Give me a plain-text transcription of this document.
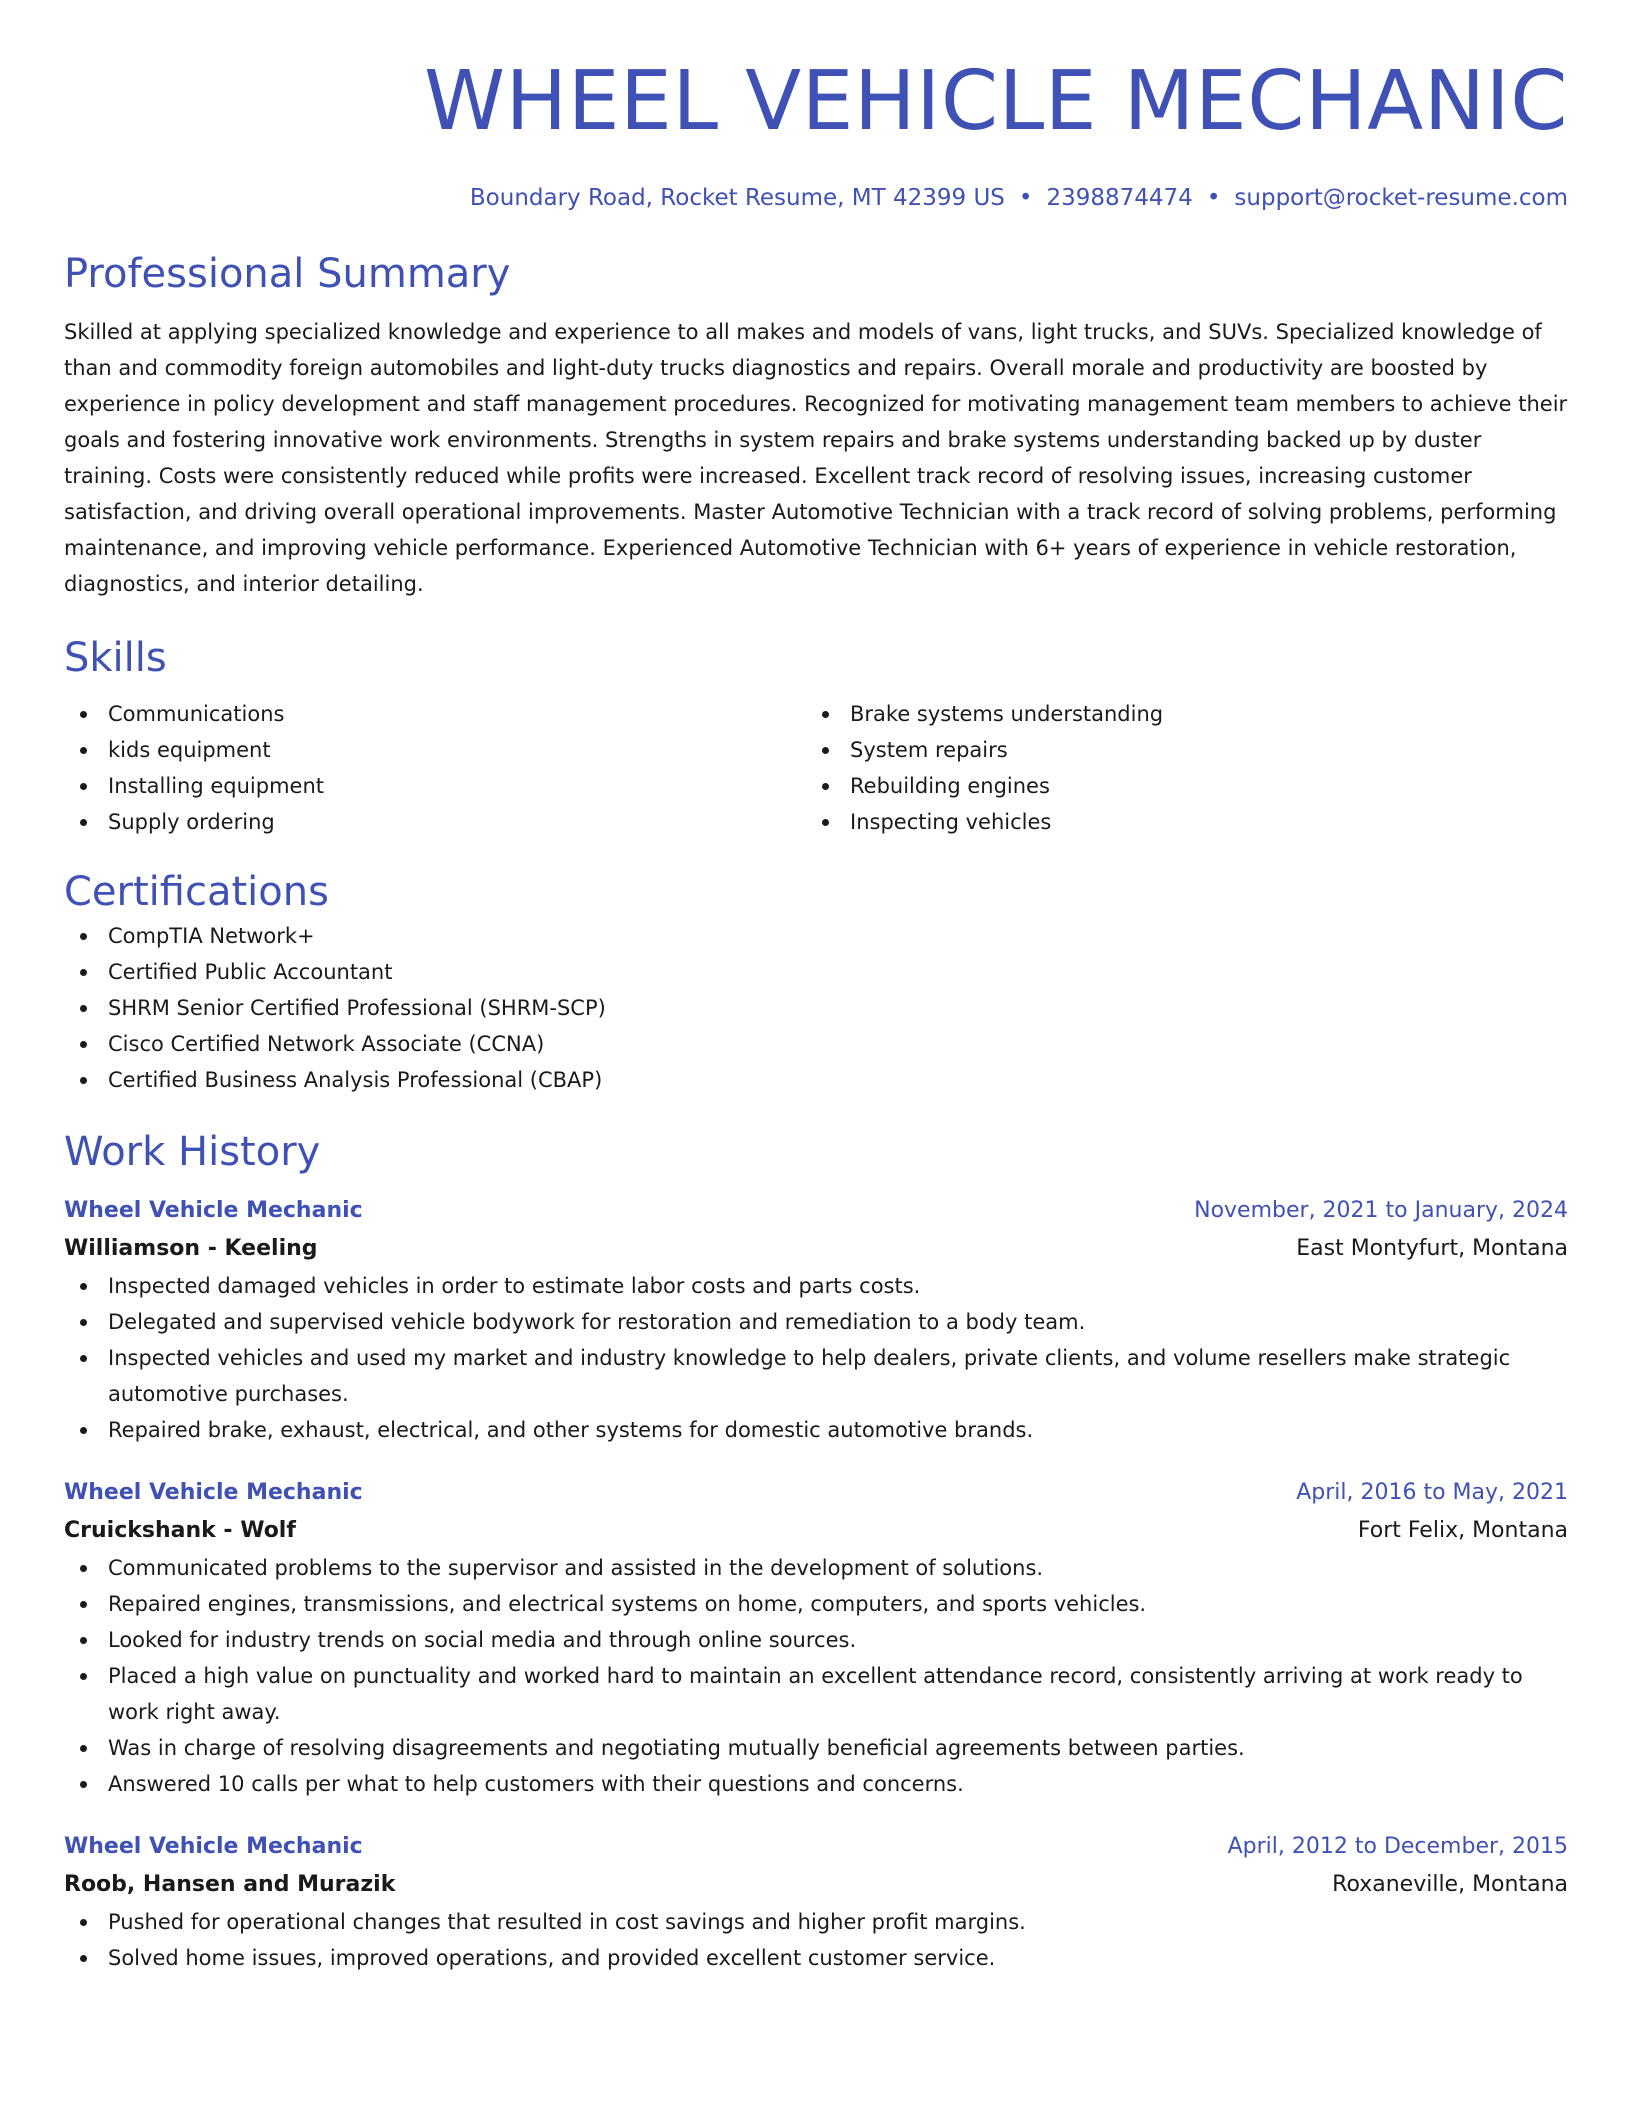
WHEEL VEHICLE MECHANIC
Boundary Road, Rocket Resume, MT 42399 US • 2398874474 • support@rocket-resume.com
Professional Summary
Skilled at applying specialized knowledge and experience to all makes and models of vans, light trucks, and SUVs. Specialized knowledge of than and commodity foreign automobiles and light-duty trucks diagnostics and repairs. Overall morale and productivity are boosted by experience in policy development and staff management procedures. Recognized for motivating management team members to achieve their goals and fostering innovative work environments. Strengths in system repairs and brake systems understanding backed up by duster training. Costs were consistently reduced while profits were increased. Excellent track record of resolving issues, increasing customer satisfaction, and driving overall operational improvements. Master Automotive Technician with a track record of solving problems, performing maintenance, and improving vehicle performance. Experienced Automotive Technician with 6+ years of experience in vehicle restoration, diagnostics, and interior detailing.
Skills
Communications
kids equipment
Installing equipment
Supply ordering
Brake systems understanding
System repairs
Rebuilding engines
Inspecting vehicles
Certifications
CompTIA Network+
Certified Public Accountant
SHRM Senior Certified Professional (SHRM-SCP)
Cisco Certified Network Associate (CCNA)
Certified Business Analysis Professional (CBAP)
Work History
Wheel Vehicle Mechanic	November, 2021 to January, 2024
Williamson - Keeling	East Montyfurt, Montana
Inspected damaged vehicles in order to estimate labor costs and parts costs.
Delegated and supervised vehicle bodywork for restoration and remediation to a body team.
Inspected vehicles and used my market and industry knowledge to help dealers, private clients, and volume resellers make strategic automotive purchases.
Repaired brake, exhaust, electrical, and other systems for domestic automotive brands.
Wheel Vehicle Mechanic	April, 2016 to May, 2021
Cruickshank - Wolf	Fort Felix, Montana
Communicated problems to the supervisor and assisted in the development of solutions.
Repaired engines, transmissions, and electrical systems on home, computers, and sports vehicles.
Looked for industry trends on social media and through online sources.
Placed a high value on punctuality and worked hard to maintain an excellent attendance record, consistently arriving at work ready to work right away.
Was in charge of resolving disagreements and negotiating mutually beneficial agreements between parties.
Answered 10 calls per what to help customers with their questions and concerns.
Wheel Vehicle Mechanic	April, 2012 to December, 2015
Roob, Hansen and Murazik	Roxaneville, Montana
Pushed for operational changes that resulted in cost savings and higher profit margins.
Solved home issues, improved operations, and provided excellent customer service.
